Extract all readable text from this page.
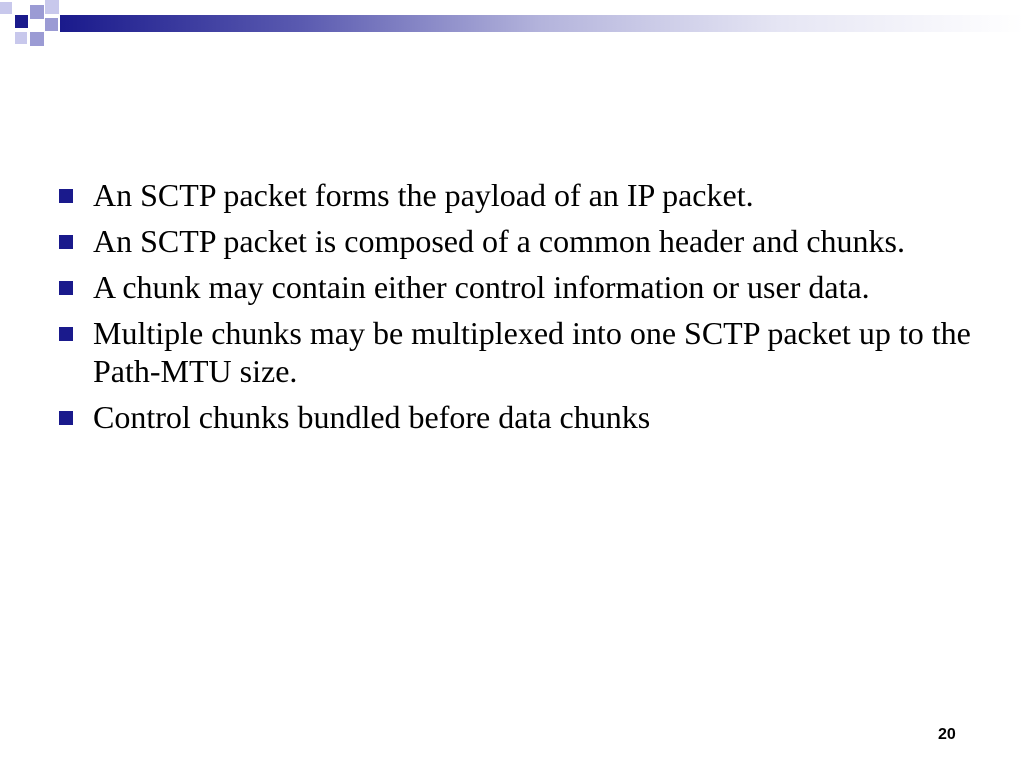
An SCTP packet forms the payload of an IP packet.
An SCTP packet is composed of a common header and chunks.
A chunk may contain either control information or user data.
Multiple chunks may be multiplexed into one SCTP packet up to the Path-MTU size.
Control chunks bundled before data chunks
20
